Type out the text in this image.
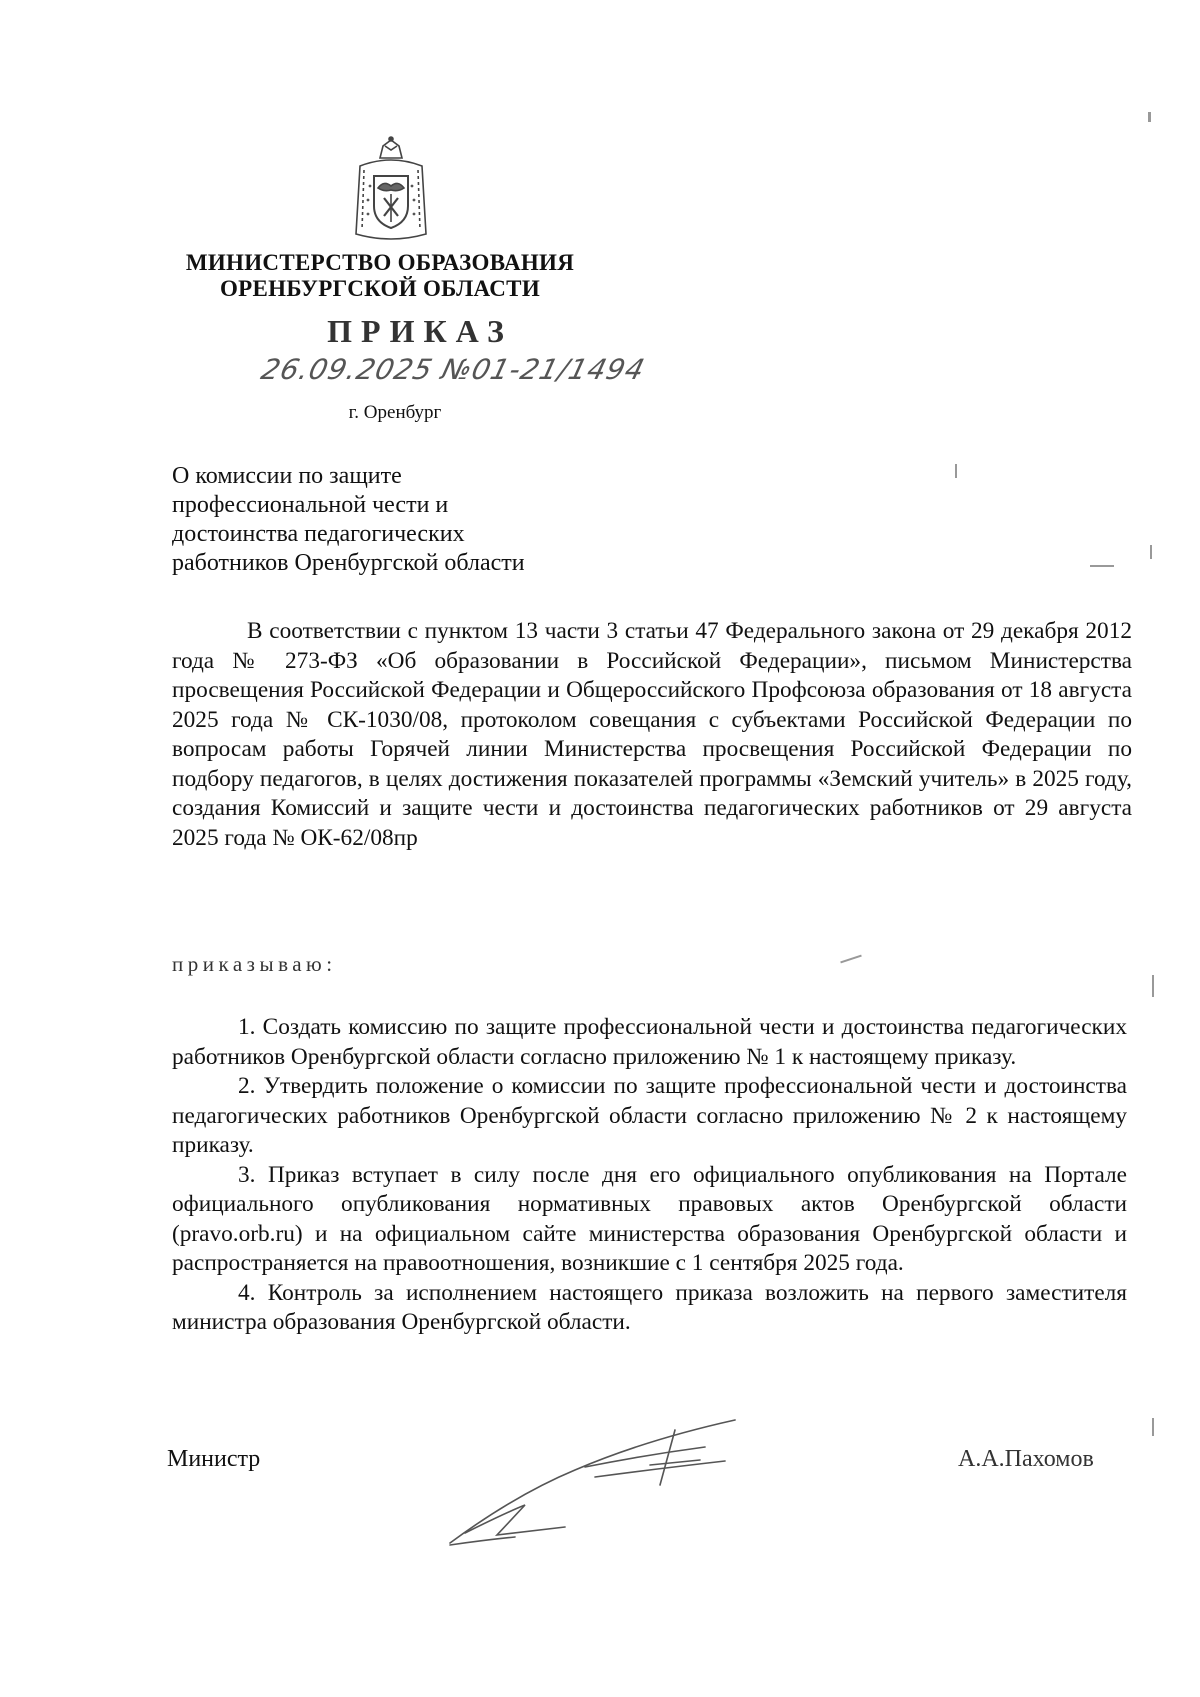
МИНИСТЕРСТВО ОБРАЗОВАНИЯ
ОРЕНБУРГСКОЙ ОБЛАСТИ
ПРИКАЗ
26.09.2025 №01-21/1494
г. Оренбург
О комиссии по защите
профессиональной чести и
достоинства педагогических
работников Оренбургской области
В соответствии с пунктом 13 части 3 статьи 47 Федерального закона от 29 декабря 2012 года № 273-ФЗ «Об образовании в Российской Федерации», письмом Министерства просвещения Российской Федерации и Общероссийского Профсоюза образования от 18 августа 2025 года № СК-1030/08, протоколом совещания с субъектами Российской Федерации по вопросам работы Горячей линии Министерства просвещения Российской Федерации по подбору педагогов, в целях достижения показателей программы «Земский учитель» в 2025 году, создания Комиссий и защите чести и достоинства педагогических работников от 29 августа 2025 года № ОК-62/08пр
приказываю:

1. Создать комиссию по защите профессиональной чести и достоинства педагогических работников Оренбургской области согласно приложению № 1 к настоящему приказу.

2. Утвердить положение о комиссии по защите профессиональной чести и достоинства педагогических работников Оренбургской области согласно приложению № 2 к настоящему приказу.

3. Приказ вступает в силу после дня его официального опубликования на Портале официального опубликования нормативных правовых актов Оренбургской области (pravo.orb.ru) и на официальном сайте министерства образования Оренбургской области и распространяется на правоотношения, возникшие с 1 сентября 2025 года.

4. Контроль за исполнением настоящего приказа возложить на первого заместителя министра образования Оренбургской области.

Министр	А.А.Пахомов
